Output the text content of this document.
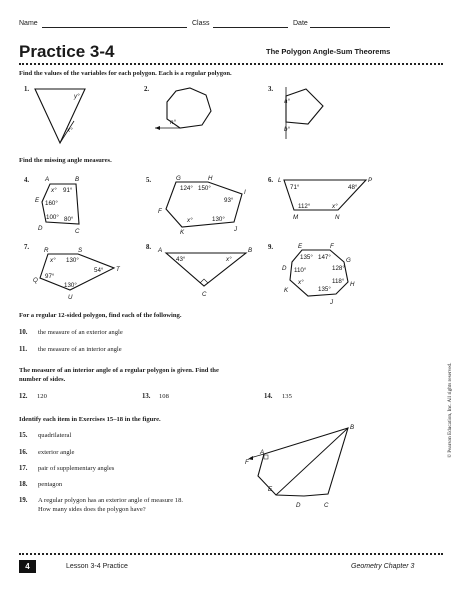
Name	Class	Date
Practice 3-4	The Polygon Angle-Sum Theorems
Find the values of the variables for each polygon. Each is a regular polygon.
1.
y°
x°
2.
n°
3.
a°
b°
Find the missing angle measures.
4.	A	B
C
D
E
x° 91°
160°
100° 80°
5.	G	H
I
J
K
F
124° 150°
93°
130°
x°
6. L	P
N
M
71°	48°
112°	x°
7. R	S
T
U
Q
x° 130°
54°
97°
130°
8. A	B
C
43°	x°
9.	E	F
G
H
J
K
D
135° 147°
128°
110°
x°	118°
135°
For a regular 12-sided polygon, find each of the following.
10. the measure of an exterior angle
11. the measure of an interior angle
The measure of an interior angle of a regular polygon is given. Find the
number of sides.
12. 120	13. 108	14. 135
Identify each item in Exercises 15–18 in the figure.
15. quadrilateral
16. exterior angle
17. pair of supplementary angles
18. pentagon
19. A regular polygon has an exterior angle of measure 18.
How many sides does the polygon have?
B
F
A
E
D	C
© Pearson Education, Inc. All rights reserved.
4	Lesson 3-4 Practice	Geometry Chapter 3
